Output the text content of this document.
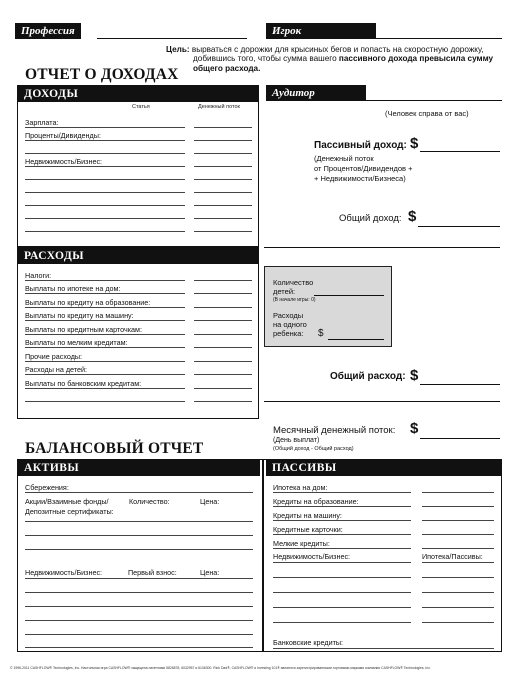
Профессия	Игрок
Цель: вырваться с дорожки для крысиных бегов и попасть на скоростную дорожку,
добившись того, чтобы сумма вашего пассивного дохода превысила сумму
общего расхода.
ОТЧЕТ О ДОХОДАХ
ДОХОДЫ
Статья	Денежный поток
Зарплата:
Проценты/Дивиденды:
Недвижимость/Бизнес:
РАСХОДЫ
Налоги:
Выплаты по ипотеке на дом:
Выплаты по кредиту на образование:
Выплаты по кредиту на машину:
Выплаты по кредитным карточкам:
Выплаты по мелким кредитам:
Прочие расходы:
Расходы на детей:
Выплаты по банковским кредитам:
Аудитор
(Человек справа от вас)
Пассивный доход: $
(Денежный поток
от Процентов/Дивидендов +
+ Недвижимости/Бизнеса)
Общий доход: $
Количество
детей:
(В начале игры: 0)
Расходы
на одного
ребенка:	$
Общий расход: $
Месячный денежный поток: $
(День выплат)
(Общий доход - Общий расход)
БАЛАНСОВЫЙ ОТЧЕТ
АКТИВЫ	ПАССИВЫ
Сбережения:
Акции/Взаимные фонды/
Депозитные сертификаты:
Количество:	Цена:
Недвижимость/Бизнес:	Первый взнос:	Цена:
Ипотека на дом:
Кредиты на образование:
Кредиты на машину:
Кредитные карточки:
Мелкие кредиты:
Недвижимость/Бизнес:	Ипотека/Пассивы:
Банковские кредиты:
© 1996-2011 CASHFLOW® Technologies, Inc. Настольная игра CASHFLOW® защищена патентами 5826878, 6032957 и 6106300. Rich Dad®, CASHFLOW® и Investing 101® являются зарегистрированными торговыми марками компании CASHFLOW® Technologies, Inc.
